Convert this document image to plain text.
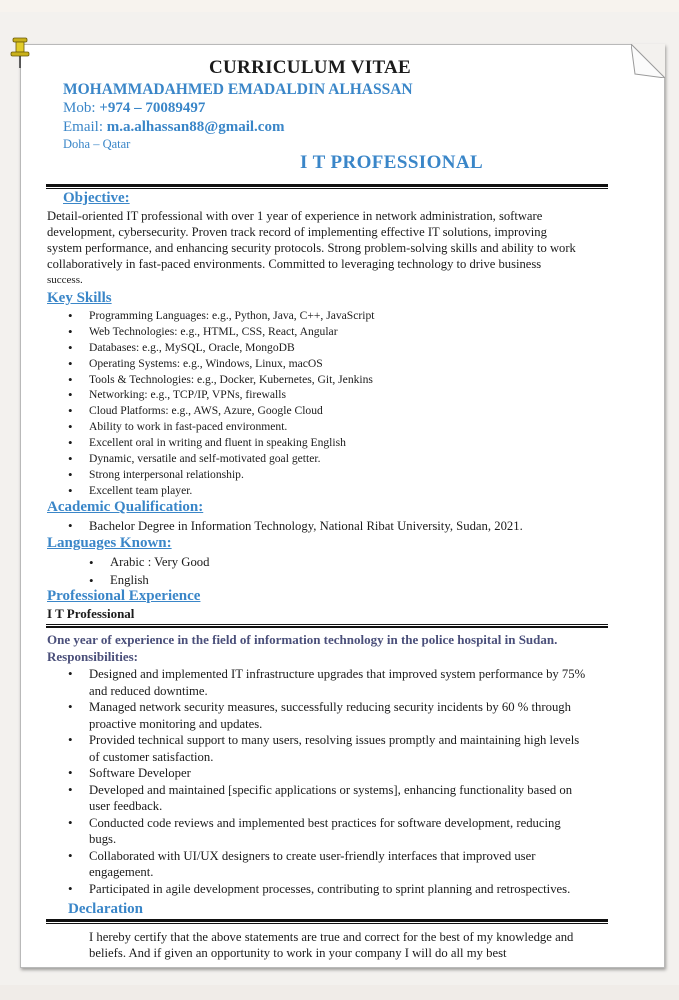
CURRICULUM VITAE
MOHAMMADAHMED EMADALDIN ALHASSAN
Mob: +974 – 70089497
Email: m.a.alhassan88@gmail.com
Doha – Qatar
I T PROFESSIONAL
Objective:
Detail-oriented IT professional with over 1 year of experience in network administration, software
development, cybersecurity. Proven track record of implementing effective IT solutions, improving
system performance, and enhancing security protocols. Strong problem-solving skills and ability to work
collaboratively in fast-paced environments. Committed to leveraging technology to drive business
success.
Key Skills
• Programming Languages: e.g., Python, Java, C++, JavaScript
• Web Technologies: e.g., HTML, CSS, React, Angular
• Databases: e.g., MySQL, Oracle, MongoDB
• Operating Systems: e.g., Windows, Linux, macOS
• Tools & Technologies: e.g., Docker, Kubernetes, Git, Jenkins
• Networking: e.g., TCP/IP, VPNs, firewalls
• Cloud Platforms: e.g., AWS, Azure, Google Cloud
• Ability to work in fast-paced environment.
• Excellent oral in writing and fluent in speaking English
• Dynamic, versatile and self-motivated goal getter.
• Strong interpersonal relationship.
• Excellent team player.
Academic Qualification:
• Bachelor Degree in Information Technology, National Ribat University, Sudan, 2021.
Languages Known:
• Arabic : Very Good
• English
Professional Experience
I T Professional
One year of experience in the field of information technology in the police hospital in Sudan.
Responsibilities:
• Designed and implemented IT infrastructure upgrades that improved system performance by 75%
and reduced downtime.
• Managed network security measures, successfully reducing security incidents by 60 % through
proactive monitoring and updates.
• Provided technical support to many users, resolving issues promptly and maintaining high levels
of customer satisfaction.
• Software Developer
• Developed and maintained [specific applications or systems], enhancing functionality based on
user feedback.
• Conducted code reviews and implemented best practices for software development, reducing
bugs.
• Collaborated with UI/UX designers to create user-friendly interfaces that improved user
engagement.
• Participated in agile development processes, contributing to sprint planning and retrospectives.
Declaration
I hereby certify that the above statements are true and correct for the best of my knowledge and
beliefs. And if given an opportunity to work in your company I will do all my best
